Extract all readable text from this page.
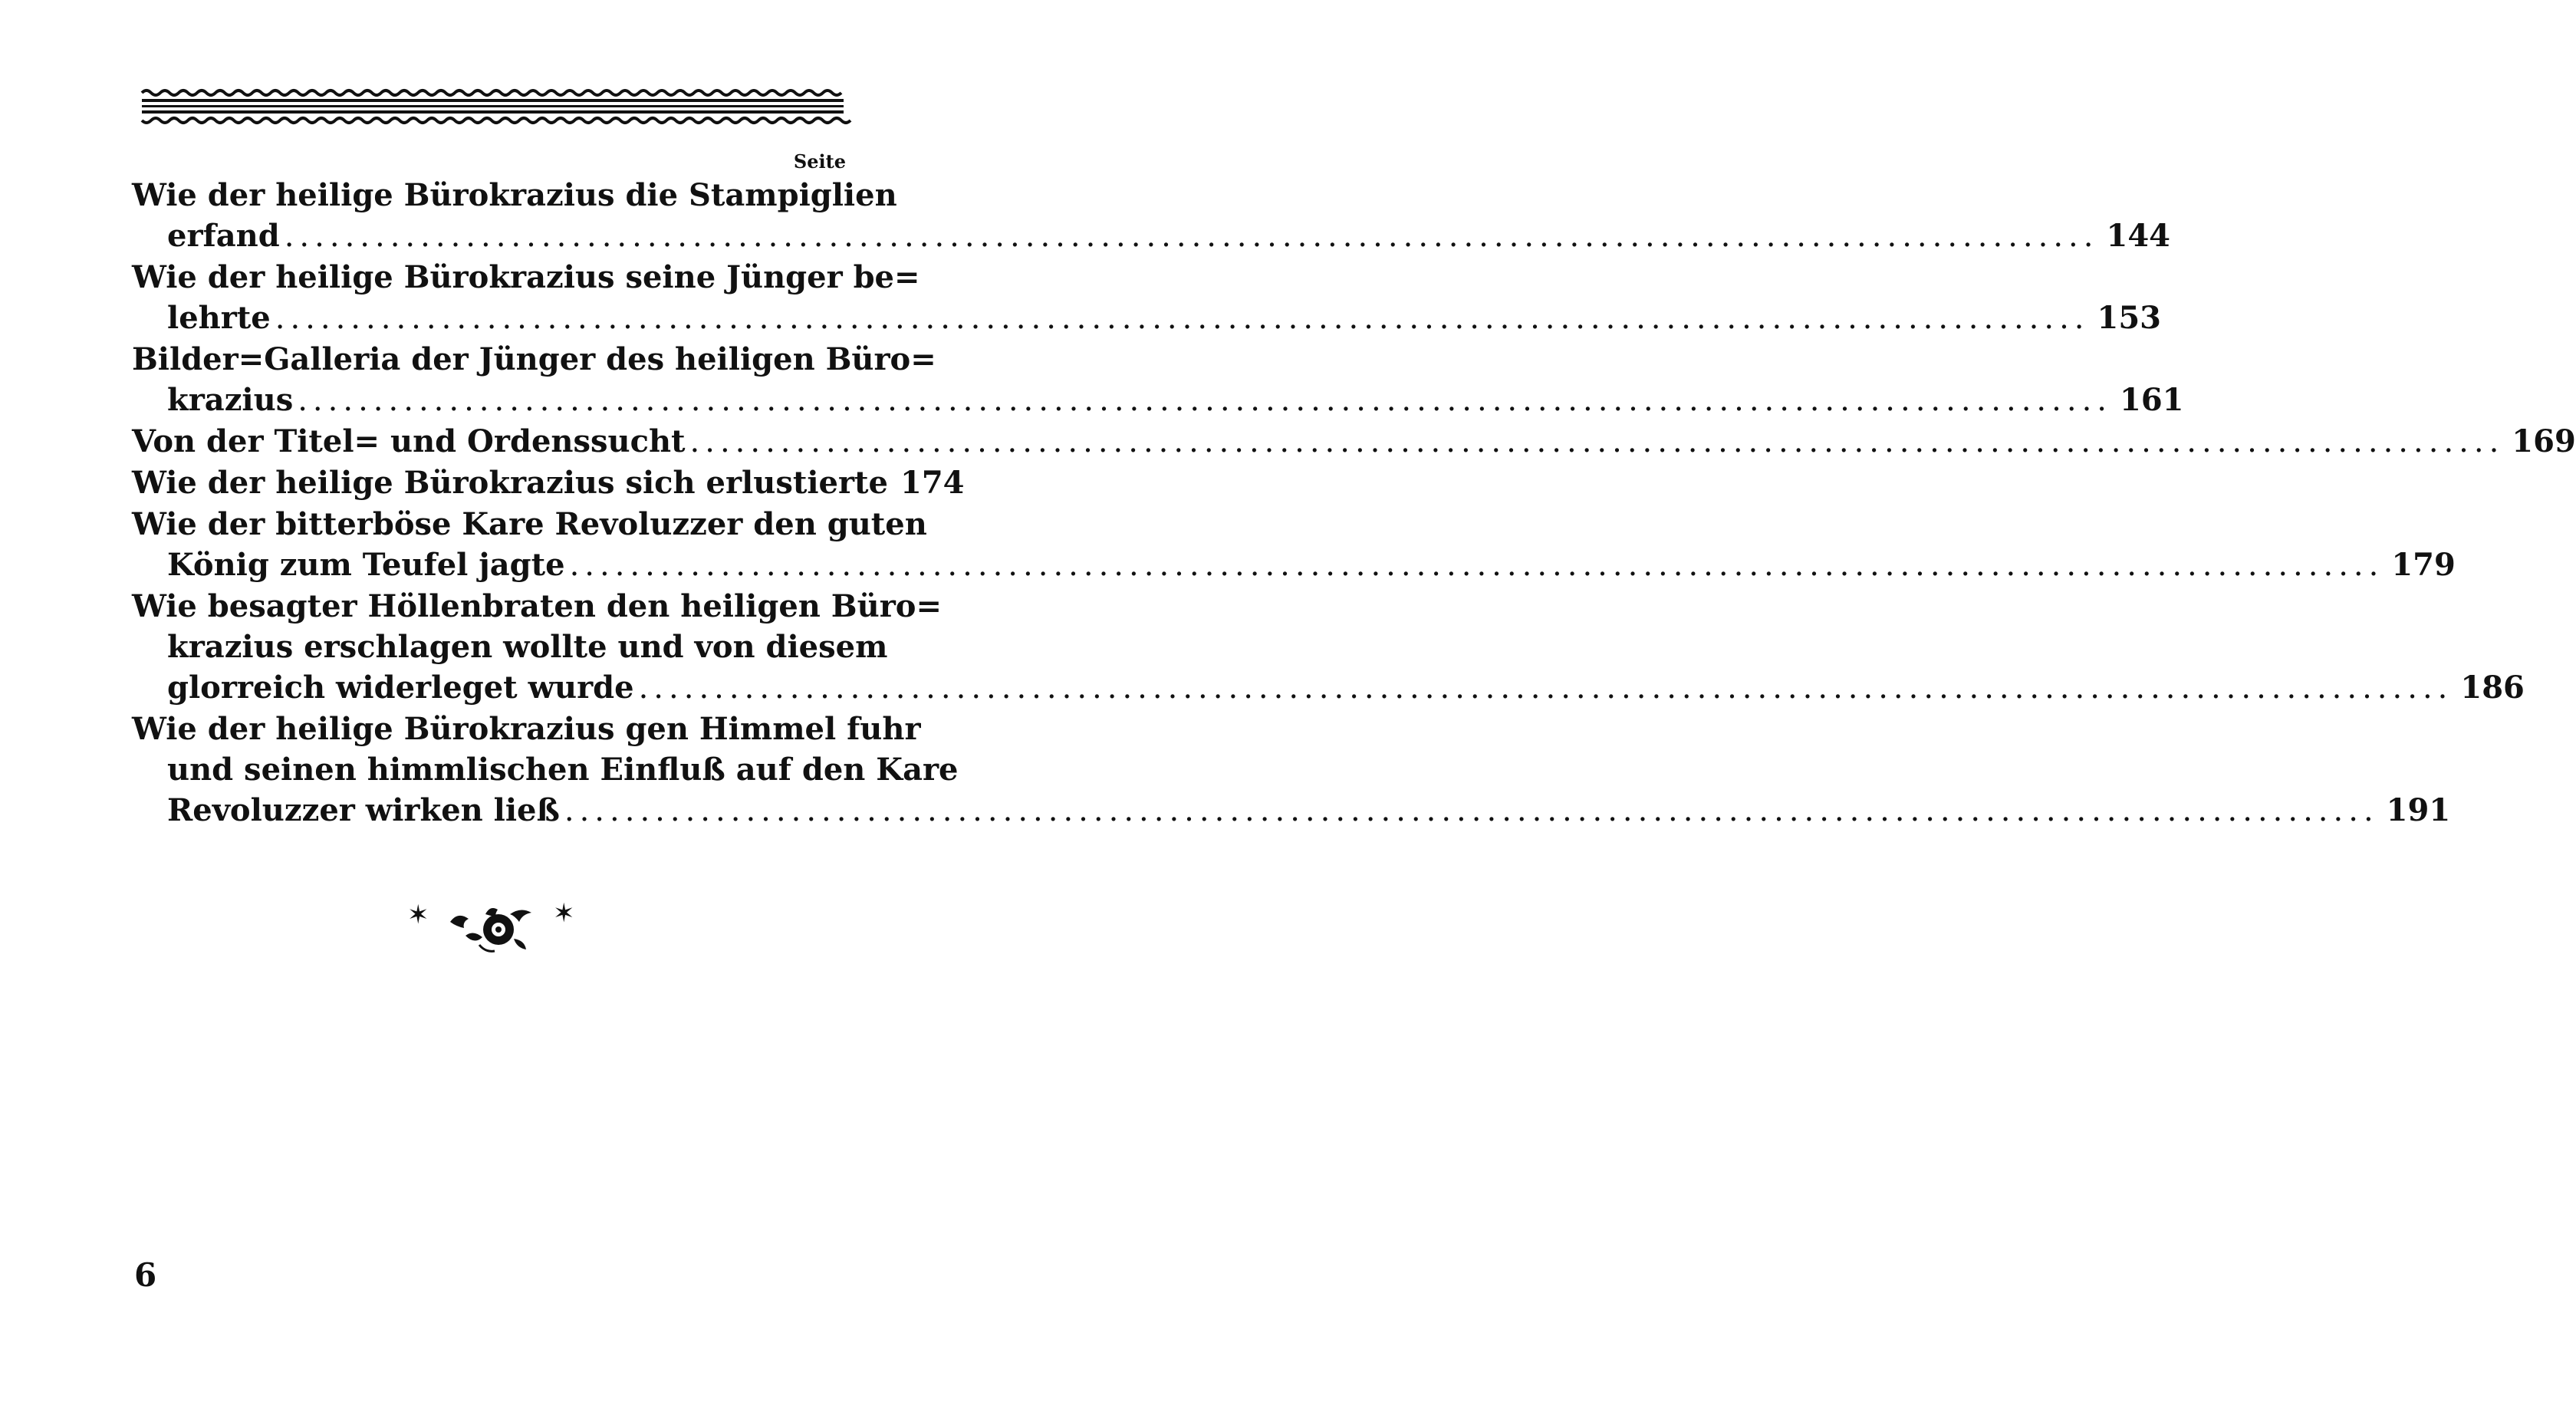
Seite
Wie der heilige Bürokrazius die Stampiglien
erfand ........................................................................................................................ 144
Wie der heilige Bürokrazius seine Jünger be=
lehrte ........................................................................................................................ 153
Bilder=Galleria der Jünger des heiligen Büro=
krazius ........................................................................................................................ 161
Von der Titel= und Ordenssucht ........................................................................................................................ 169
Wie der heilige Bürokrazius sich erlustierte 174
Wie der bitterböse Kare Revoluzzer den guten
König zum Teufel jagte ........................................................................................................................ 179
Wie besagter Höllenbraten den heiligen Büro=
krazius erschlagen wollte und von diesem
glorreich widerleget wurde ........................................................................................................................ 186
Wie der heilige Bürokrazius gen Himmel fuhr
und seinen himmlischen Einfluß auf den Kare
Revoluzzer wirken ließ ........................................................................................................................ 191
✶	✶
6
